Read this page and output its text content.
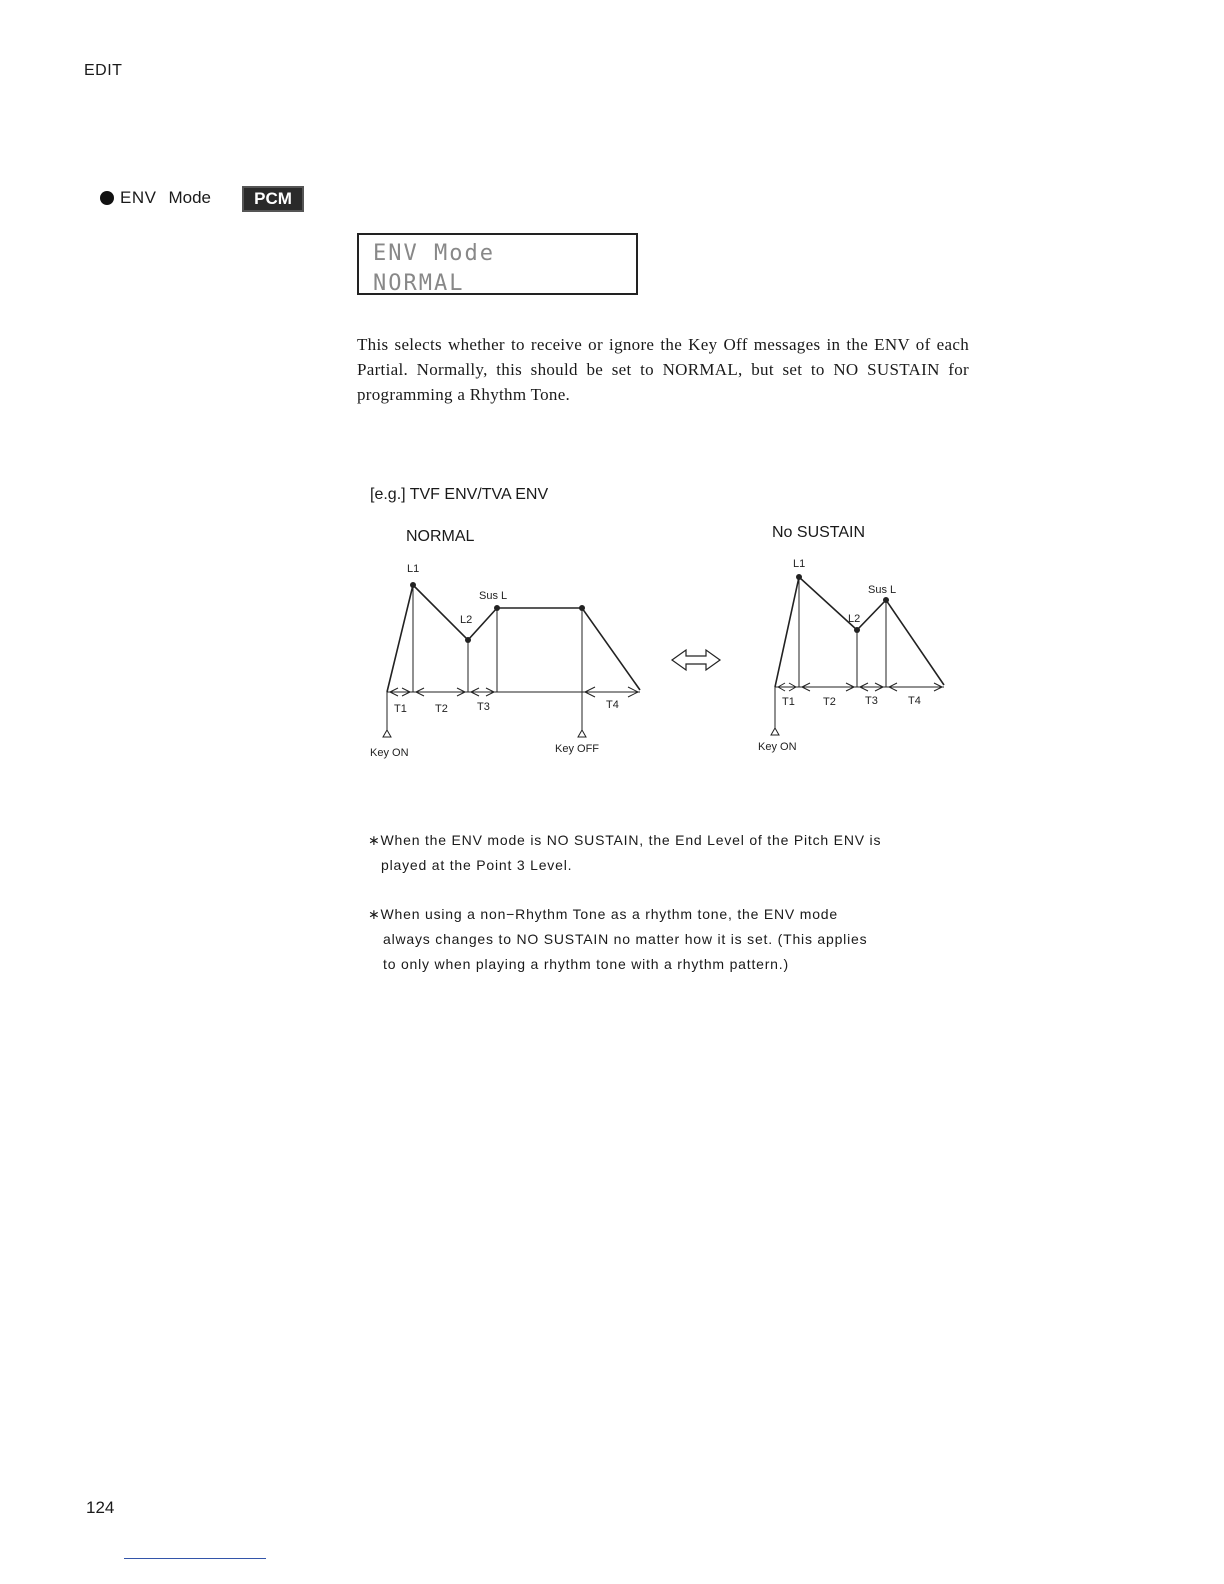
EDIT
ENV Mode	PCM
ENV Mode
NORMAL
This selects whether to receive or ignore the Key Off messages in the ENV of each Partial. Normally, this should be set to NORMAL, but set to NO SUSTAIN for programming a Rhythm Tone.
[e.g.] TVF ENV/TVA ENV
NORMAL	No SUSTAIN
L1
L2
Sus L
T1	T2	T3	T4
Key ON	Key OFF
L1
L2
Sus L
T1	T2	T3	T4
Key ON
∗When the ENV mode is NO SUSTAIN, the End Level of the Pitch ENV is
played at the Point 3 Level.
∗When using a non−Rhythm Tone as a rhythm tone, the ENV mode
always changes to NO SUSTAIN no matter how it is set. (This applies
to only when playing a rhythm tone with a rhythm pattern.)
124
